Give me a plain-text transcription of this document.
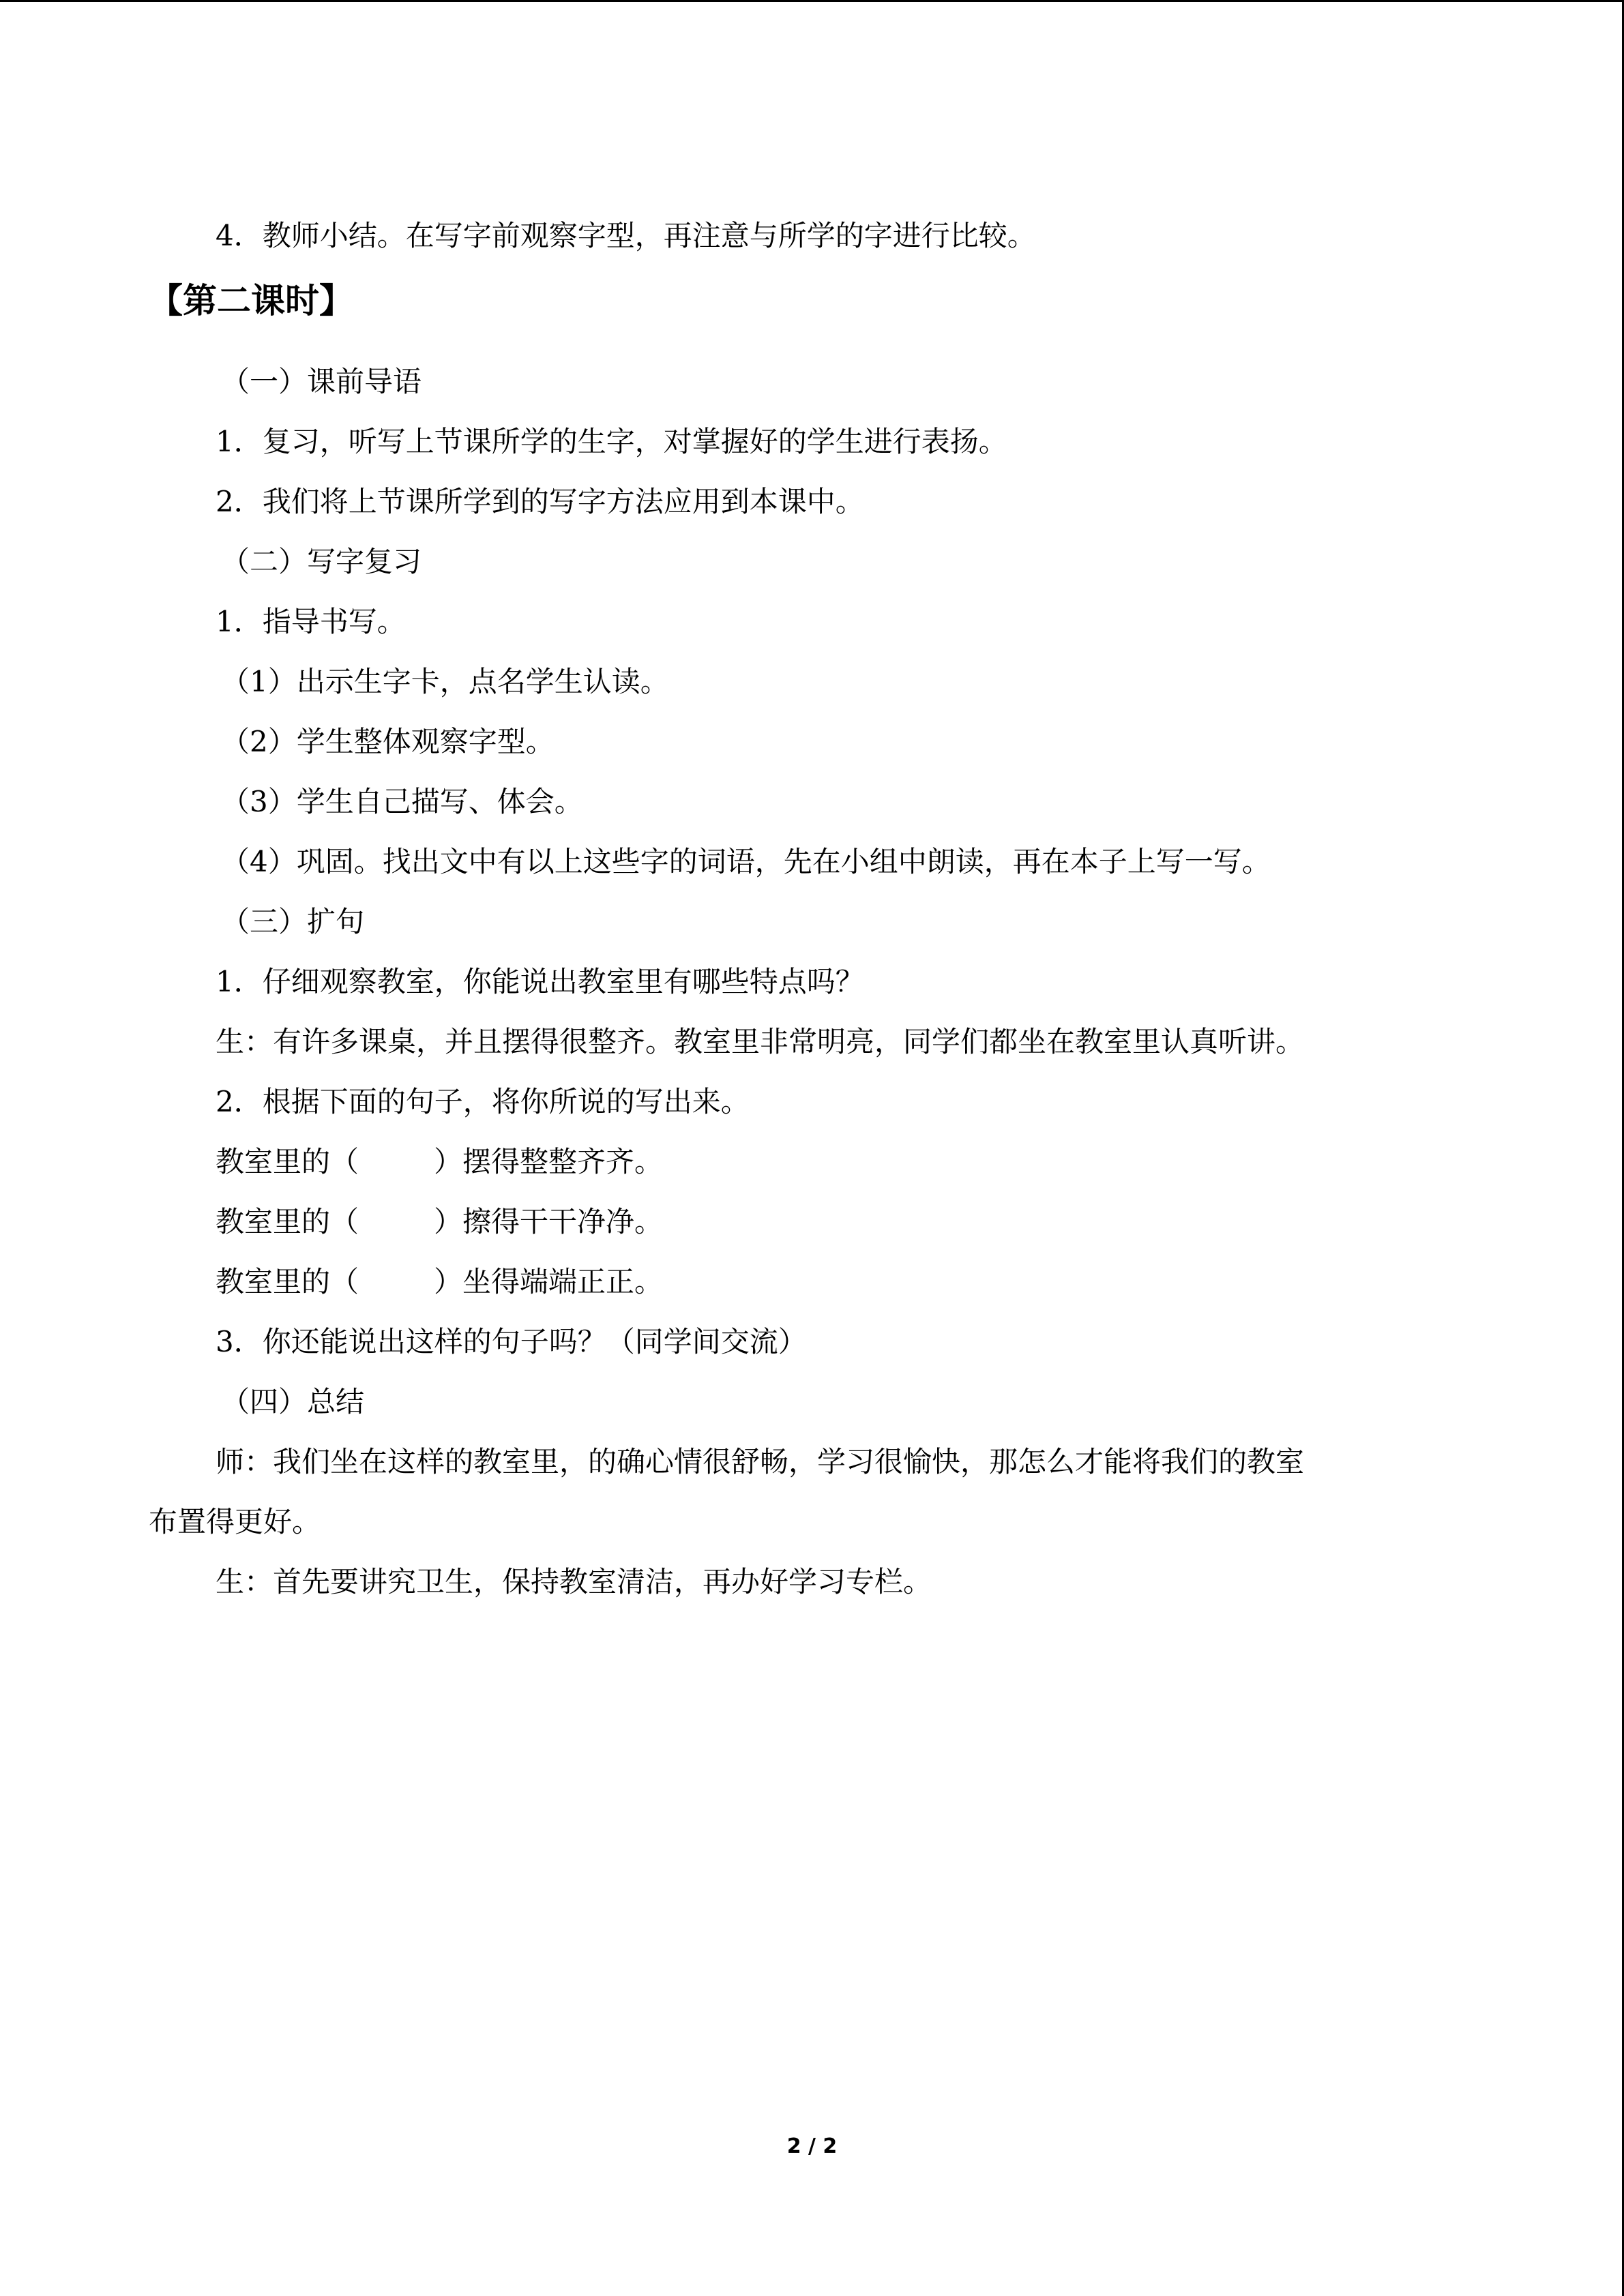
4．教师小结。在写字前观察字型，再注意与所学的字进行比较。
【第二课时】
（一）课前导语
1．复习，听写上节课所学的生字，对掌握好的学生进行表扬。
2．我们将上节课所学到的写字方法应用到本课中。
（二）写字复习
1．指导书写。
（1）出示生字卡，点名学生认读。
（2）学生整体观察字型。
（3）学生自己描写、体会。
（4）巩固。找出文中有以上这些字的词语，先在小组中朗读，再在本子上写一写。
（三）扩句
1．仔细观察教室，你能说出教室里有哪些特点吗？
生：有许多课桌，并且摆得很整齐。教室里非常明亮，同学们都坐在教室里认真听讲。
2．根据下面的句子，将你所说的写出来。
教室里的（	）摆得整整齐齐。
教室里的（	）擦得干干净净。
教室里的（	）坐得端端正正。
3．你还能说出这样的句子吗？（同学间交流）
（四）总结
师：我们坐在这样的教室里，的确心情很舒畅，学习很愉快，那怎么才能将我们的教室
布置得更好。
生：首先要讲究卫生，保持教室清洁，再办好学习专栏。
2 / 2
